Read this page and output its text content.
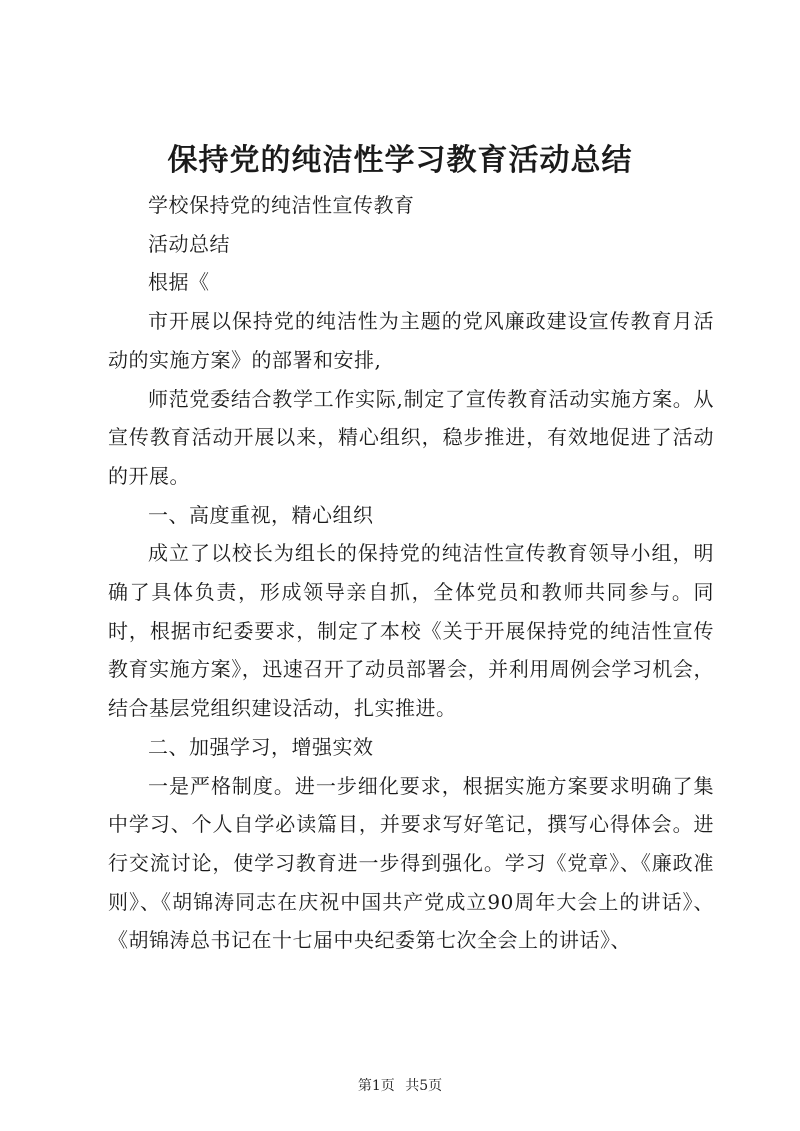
保持党的纯洁性学习教育活动总结

学校保持党的纯洁性宣传教育

活动总结

根据《

市开展以保持党的纯洁性为主题的党风廉政建设宣传教育月活动的实施方案》的部署和安排,

师范党委结合教学工作实际,制定了宣传教育活动实施方案。从宣传教育活动开展以来，精心组织，稳步推进，有效地促进了活动的开展。

一、高度重视，精心组织

成立了以校长为组长的保持党的纯洁性宣传教育领导小组，明确了具体负责，形成领导亲自抓，全体党员和教师共同参与。同时，根据市纪委要求，制定了本校《关于开展保持党的纯洁性宣传教育实施方案》，迅速召开了动员部署会，并利用周例会学习机会，结合基层党组织建设活动，扎实推进。

二、加强学习，增强实效

一是严格制度。进一步细化要求，根据实施方案要求明确了集中学习、个人自学必读篇目，并要求写好笔记，撰写心得体会。进行交流讨论，使学习教育进一步得到强化。学习《党章》、《廉政准则》、《胡锦涛同志在庆祝中国共产党成立90周年大会上的讲话》、《胡锦涛总书记在十七届中央纪委第七次全会上的讲话》、

第1页 共5页
